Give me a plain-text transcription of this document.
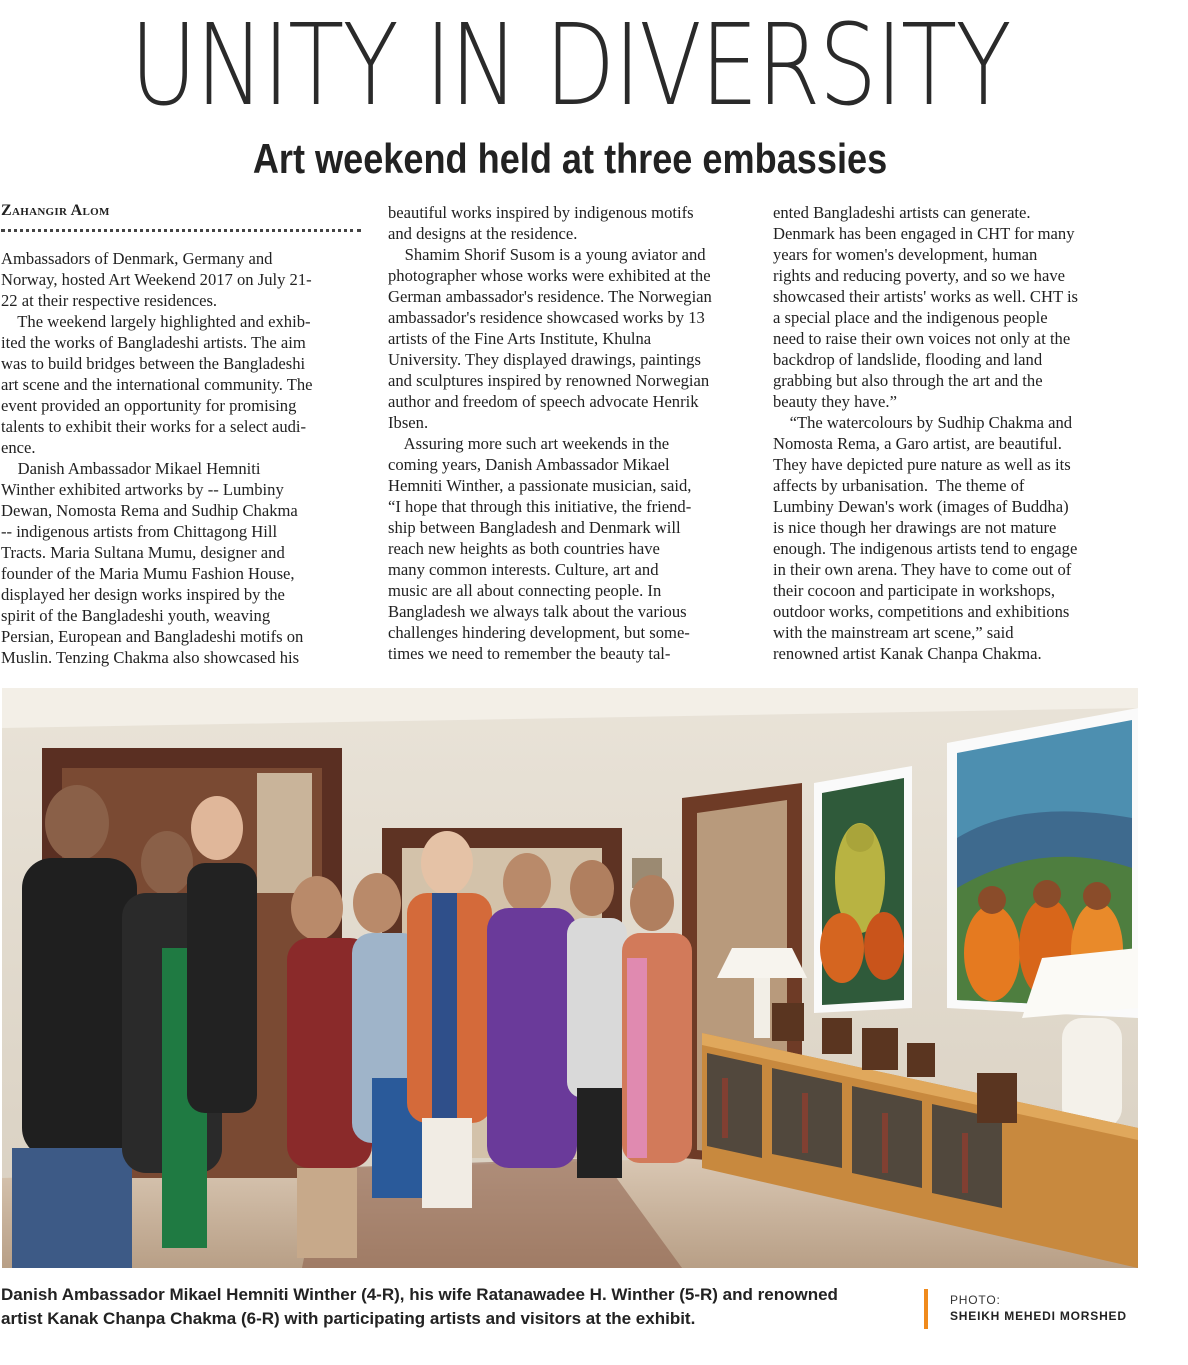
UNITY IN DIVERSITY
Art weekend held at three embassies
Zahangir Alom

Ambassadors of Denmark, Germany and

Norway, hosted Art Weekend 2017 on July 21-

22 at their respective residences.

The weekend largely highlighted and exhib-

ited the works of Bangladeshi artists. The aim

was to build bridges between the Bangladeshi

art scene and the international community. The

event provided an opportunity for promising

talents to exhibit their works for a select audi-

ence.

Danish Ambassador Mikael Hemniti

Winther exhibited artworks by -- Lumbiny

Dewan, Nomosta Rema and Sudhip Chakma

-- indigenous artists from Chittagong Hill

Tracts. Maria Sultana Mumu, designer and

founder of the Maria Mumu Fashion House,

displayed her design works inspired by the

spirit of the Bangladeshi youth, weaving

Persian, European and Bangladeshi motifs on

Muslin. Tenzing Chakma also showcased his

beautiful works inspired by indigenous motifs

and designs at the residence.

Shamim Shorif Susom is a young aviator and

photographer whose works were exhibited at the

German ambassador's residence. The Norwegian

ambassador's residence showcased works by 13

artists of the Fine Arts Institute, Khulna

University. They displayed drawings, paintings

and sculptures inspired by renowned Norwegian

author and freedom of speech advocate Henrik

Ibsen.

Assuring more such art weekends in the

coming years, Danish Ambassador Mikael

Hemniti Winther, a passionate musician, said,

“I hope that through this initiative, the friend-

ship between Bangladesh and Denmark will

reach new heights as both countries have

many common interests. Culture, art and

music are all about connecting people. In

Bangladesh we always talk about the various

challenges hindering development, but some-

times we need to remember the beauty tal-

ented Bangladeshi artists can generate.

Denmark has been engaged in CHT for many

years for women's development, human

rights and reducing poverty, and so we have

showcased their artists' works as well. CHT is

a special place and the indigenous people

need to raise their own voices not only at the

backdrop of landslide, flooding and land

grabbing but also through the art and the

beauty they have.”

“The watercolours by Sudhip Chakma and

Nomosta Rema, a Garo artist, are beautiful.

They have depicted pure nature as well as its

affects by urbanisation.  The theme of

Lumbiny Dewan's work (images of Buddha)

is nice though her drawings are not mature

enough. The indigenous artists tend to engage

in their own arena. They have to come out of

their cocoon and participate in workshops,

outdoor works, competitions and exhibitions

with the mainstream art scene,” said

renowned artist Kanak Chanpa Chakma.

Danish Ambassador Mikael Hemniti Winther (4-R), his wife Ratanawadee H. Winther (5-R) and renowned

artist Kanak Chanpa Chakma (6-R) with participating artists and visitors at the exhibit.

PHOTO:
SHEIKH MEHEDI MORSHED
